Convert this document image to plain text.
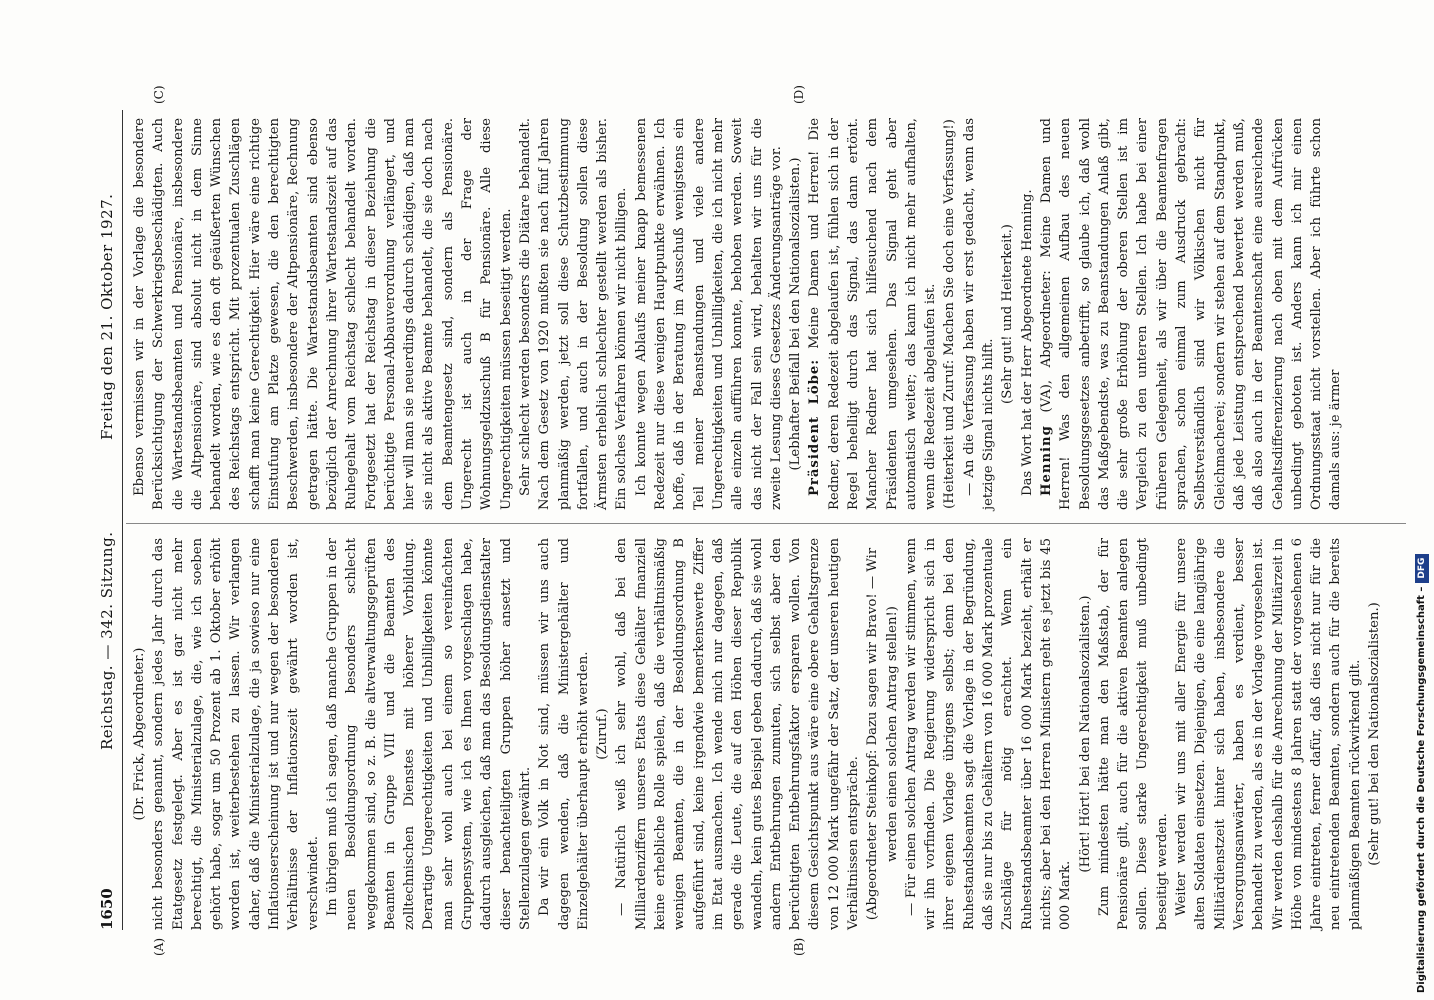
1650
Reichstag. — 342. Sitzung.
Freitag den 21. Oktober 1927.
(A)	(B)
(C)	(D)

(Dr. Frick, Abgeordneter.) nicht besonders genannt, sondern jedes Jahr durch das Etatgesetz festgelegt. Aber es ist gar nicht mehr berechtigt, die Ministerialzulage, die, wie ich soeben gehört habe, sogar um 50 Prozent ab 1. Oktober erhöht worden ist, weiterbestehen zu lassen. Wir verlangen daher, daß die Ministerialzulage, die ja sowieso nur eine Inflationserscheinung ist und nur wegen der besonderen Verhältnisse der Inflationszeit gewährt worden ist, verschwindet. Im übrigen muß ich sagen, daß manche Gruppen in der neuen Besoldungsordnung besonders schlecht weggekommen sind, so z. B. die altverwaltungsgeprüften Beamten in Gruppe VIII und die Beamten des zolltechnischen Dienstes mit höherer Vorbildung. Derartige Ungerechtigkeiten und Unbilligkeiten könnte man sehr wohl auch bei einem so vereinfachten Gruppensystem, wie ich es Ihnen vorgeschlagen habe, dadurch ausgleichen, daß man das Besoldungsdienstalter dieser benachteiligten Gruppen höher ansetzt und Stellenzulagen gewährt. Da wir ein Volk in Not sind, müssen wir uns auch dagegen wenden, daß die Ministergehälter und Einzelgehälter überhaupt erhöht werden. (Zuruf.) — Natürlich weiß ich sehr wohl, daß bei den Milliardenziffern unseres Etats diese Gehälter finanziell keine erhebliche Rolle spielen, daß die verhältnismäßig wenigen Beamten, die in der Besoldungsordnung B aufgeführt sind, keine irgendwie bemerkenswerte Ziffer im Etat ausmachen. Ich wende mich nur dagegen, daß gerade die Leute, die auf den Höhen dieser Republik wandeln, kein gutes Beispiel geben dadurch, daß sie wohl andern Entbehrungen zumuten, sich selbst aber den berüchtigten Entbehrungsfaktor ersparen wollen. Von diesem Gesichtspunkt aus wäre eine obere Gehaltsgrenze von 12 000 Mark ungefähr der Satz, der unseren heutigen Verhältnissen entspräche. (Abgeordneter Steinkopf: Dazu sagen wir Bravo! — Wir werden einen solchen Antrag stellen!) — Für einen solchen Antrag werden wir stimmen, wenn wir ihn vorfinden. Die Regierung widerspricht sich in ihrer eigenen Vorlage übrigens selbst; denn bei den Ruhestandsbeamten sagt die Vorlage in der Begründung, daß sie nur bis zu Gehältern von 16 000 Mark prozentuale Zuschläge für nötig erachtet. Wenn ein Ruhestandsbeamter über 16 000 Mark bezieht, erhält er nichts; aber bei den Herren Ministern geht es jetzt bis 45 000 Mark.

(Hört! Hört! bei den Nationalsozialisten.) Zum mindesten hätte man den Maßstab, der für Pensionäre gilt, auch für die aktiven Beamten anlegen sollen. Diese starke Ungerechtigkeit muß unbedingt beseitigt werden. Weiter werden wir uns mit aller Energie für unsere alten Soldaten einsetzen. Diejenigen, die eine langjährige Militärdienstzeit hinter sich haben, insbesondere die Versorgungsanwärter, haben es verdient, besser behandelt zu werden, als es in der Vorlage vorgesehen ist. Wir werden deshalb für die Anrechnung der Militärzeit in Höhe von mindestens 8 Jahren statt der vorgesehenen 6 Jahre eintreten, ferner dafür, daß dies nicht nur für die neu eintretenden Beamten, sondern auch für die bereits planmäßigen Beamten rückwirkend gilt. (Sehr gut! bei den Nationalsozialisten.)

Ebenso vermissen wir in der Vorlage die besondere Berücksichtigung der Schwerkriegsbeschädigten. Auch die Wartestandsbeamten und Pensionäre, insbesondere die Altpensionäre, sind absolut nicht in dem Sinne behandelt worden, wie es den oft geäußerten Wünschen des Reichstags entspricht. Mit prozentualen Zuschlägen schafft man keine Gerechtigkeit. Hier wäre eine richtige Einstufung am Platze gewesen, die den berechtigten Beschwerden, insbesondere der Altpensionäre, Rechnung getragen hätte. Die Wartestandsbeamten sind ebenso bezüglich der Anrechnung ihrer Wartestandszeit auf das Ruhegehalt vom Reichstag schlecht behandelt worden. Fortgesetzt hat der Reichstag in dieser Beziehung die berüchtigte Personal-Abbauverordnung verlängert, und hier will man sie neuerdings dadurch schädigen, daß man sie nicht als aktive Beamte behandelt, die sie doch nach dem Beamtengesetz sind, sondern als Pensionäre. Ungerecht ist auch in der Frage der Wohnungsgeldzuschuß B für Pensionäre. Alle diese Ungerechtigkeiten müssen beseitigt werden. Sehr schlecht werden besonders die Diätare behandelt. Nach dem Gesetz von 1920 mußten sie nach fünf Jahren planmäßig werden, jetzt soll diese Schutzbestimmung fortfallen, und auch in der Besoldung sollen diese Ärmsten erheblich schlechter gestellt werden als bisher. Ein solches Verfahren können wir nicht billigen. Ich konnte wegen Ablaufs meiner knapp bemessenen Redezeit nur diese wenigen Hauptpunkte erwähnen. Ich hoffe, daß in der Beratung im Ausschuß wenigstens ein Teil meiner Beanstandungen und viele andere Ungerechtigkeiten und Unbilligkeiten, die ich nicht mehr alle einzeln aufführen konnte, behoben werden. Soweit das nicht der Fall sein wird, behalten wir uns für die zweite Lesung dieses Gesetzes Änderungsanträge vor. (Lebhafter Beifall bei den Nationalsozialisten.) Präsident Löbe: Meine Damen und Herren! Die Redner, deren Redezeit abgelaufen ist, fühlen sich in der Regel behelligt durch das Signal, das dann ertönt. Mancher Redner hat sich hilfesuchend nach dem Präsidenten umgesehen. Das Signal geht aber automatisch weiter; das kann ich nicht mehr aufhalten, wenn die Redezeit abgelaufen ist. (Heiterkeit und Zuruf: Machen Sie doch eine Verfassung!) — An die Verfassung haben wir erst gedacht, wenn das jetzige Signal nichts hilft.

(Sehr gut! und Heiterkeit.) Das Wort hat der Herr Abgeordnete Henning. Henning (VA), Abgeordneter: Meine Damen und Herren! Was den allgemeinen Aufbau des neuen Besoldungsgesetzes anbetrifft, so glaube ich, daß wohl das Maßgebendste, was zu Beanstandungen Anlaß gibt, die sehr große Erhöhung der oberen Stellen ist im Vergleich zu den unteren Stellen. Ich habe bei einer früheren Gelegenheit, als wir über die Beamtenfragen sprachen, schon einmal zum Ausdruck gebracht: Selbstverständlich sind wir Völkischen nicht für Gleichmacherei; sondern wir stehen auf dem Standpunkt, daß jede Leistung entsprechend bewertet werden muß, daß also auch in der Beamtenschaft eine ausreichende Gehaltsdifferenzierung nach oben mit dem Aufrücken unbedingt geboten ist. Anders kann ich mir einen Ordnungsstaat nicht vorstellen. Aber ich führte schon damals aus: je ärmer

Digitalisierung gefördert durch die Deutsche Forschungsgemeinschaft –DFG
